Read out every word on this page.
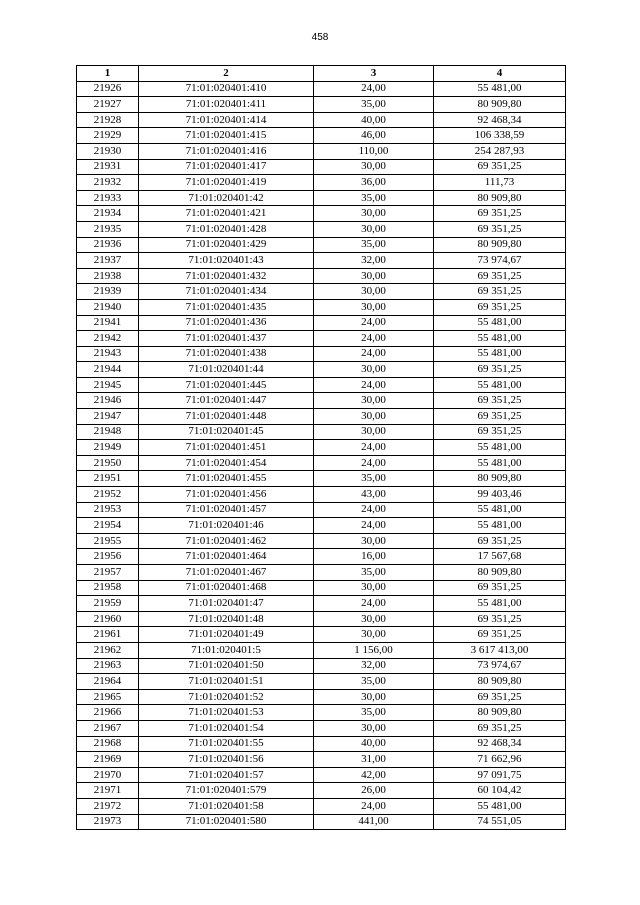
458
1	2	3	4
21926	71:01:020401:410	24,00	55 481,00
21927	71:01:020401:411	35,00	80 909,80
21928	71:01:020401:414	40,00	92 468,34
21929	71:01:020401:415	46,00	106 338,59
21930	71:01:020401:416	110,00	254 287,93
21931	71:01:020401:417	30,00	69 351,25
21932	71:01:020401:419	36,00	111,73
21933	71:01:020401:42	35,00	80 909,80
21934	71:01:020401:421	30,00	69 351,25
21935	71:01:020401:428	30,00	69 351,25
21936	71:01:020401:429	35,00	80 909,80
21937	71:01:020401:43	32,00	73 974,67
21938	71:01:020401:432	30,00	69 351,25
21939	71:01:020401:434	30,00	69 351,25
21940	71:01:020401:435	30,00	69 351,25
21941	71:01:020401:436	24,00	55 481,00
21942	71:01:020401:437	24,00	55 481,00
21943	71:01:020401:438	24,00	55 481,00
21944	71:01:020401:44	30,00	69 351,25
21945	71:01:020401:445	24,00	55 481,00
21946	71:01:020401:447	30,00	69 351,25
21947	71:01:020401:448	30,00	69 351,25
21948	71:01:020401:45	30,00	69 351,25
21949	71:01:020401:451	24,00	55 481,00
21950	71:01:020401:454	24,00	55 481,00
21951	71:01:020401:455	35,00	80 909,80
21952	71:01:020401:456	43,00	99 403,46
21953	71:01:020401:457	24,00	55 481,00
21954	71:01:020401:46	24,00	55 481,00
21955	71:01:020401:462	30,00	69 351,25
21956	71:01:020401:464	16,00	17 567,68
21957	71:01:020401:467	35,00	80 909,80
21958	71:01:020401:468	30,00	69 351,25
21959	71:01:020401:47	24,00	55 481,00
21960	71:01:020401:48	30,00	69 351,25
21961	71:01:020401:49	30,00	69 351,25
21962	71:01:020401:5	1 156,00	3 617 413,00
21963	71:01:020401:50	32,00	73 974,67
21964	71:01:020401:51	35,00	80 909,80
21965	71:01:020401:52	30,00	69 351,25
21966	71:01:020401:53	35,00	80 909,80
21967	71:01:020401:54	30,00	69 351,25
21968	71:01:020401:55	40,00	92 468,34
21969	71:01:020401:56	31,00	71 662,96
21970	71:01:020401:57	42,00	97 091,75
21971	71:01:020401:579	26,00	60 104,42
21972	71:01:020401:58	24,00	55 481,00
21973	71:01:020401:580	441,00	74 551,05
